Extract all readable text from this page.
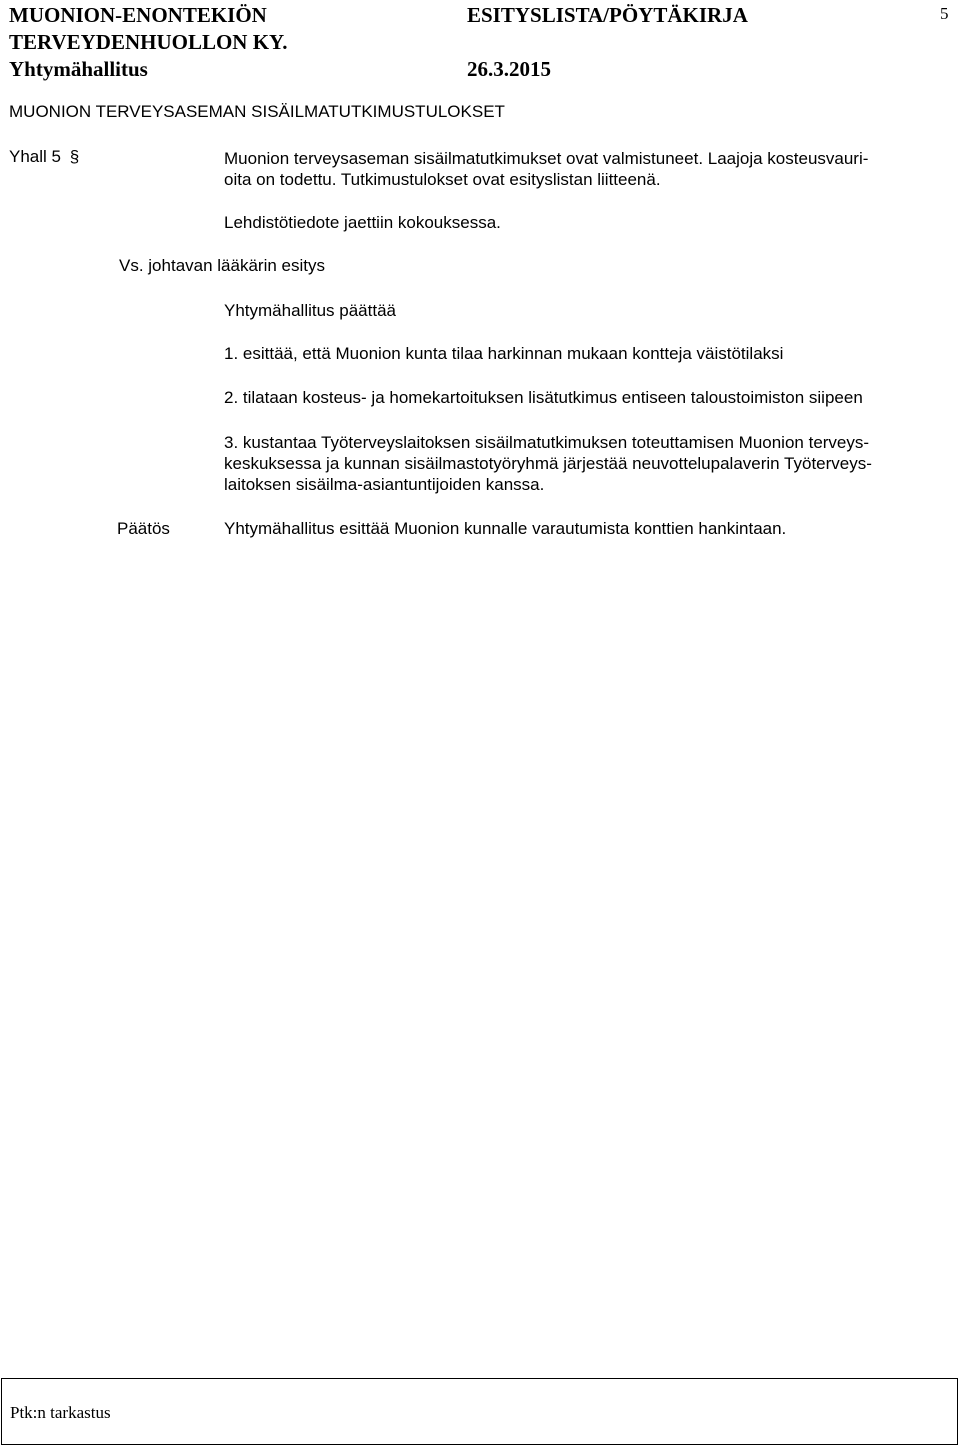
MUONION-ENONTEKIÖN
TERVEYDENHUOLLON KY.
Yhtymähallitus
ESITYSLISTA/PÖYTÄKIRJA
26.3.2015
5
MUONION TERVEYSASEMAN SISÄILMATUTKIMUSTULOKSET
Yhall 5 §	Muonion terveysaseman sisäilmatutkimukset ovat valmistuneet. Laajoja kosteusvauri-
oita on todettu. Tutkimustulokset ovat esityslistan liitteenä.
Lehdistötiedote jaettiin kokouksessa.
Vs. johtavan lääkärin esitys
Yhtymähallitus päättää
1. esittää, että Muonion kunta tilaa harkinnan mukaan kontteja väistötilaksi
2. tilataan kosteus- ja homekartoituksen lisätutkimus entiseen taloustoimiston siipeen
3. kustantaa Työterveyslaitoksen sisäilmatutkimuksen toteuttamisen Muonion terveys-
keskuksessa ja kunnan sisäilmastotyöryhmä järjestää neuvottelupalaverin Työterveys-
laitoksen sisäilma-asiantuntijoiden kanssa.
Päätös	Yhtymähallitus esittää Muonion kunnalle varautumista konttien hankintaan.
Ptk:n tarkastus
